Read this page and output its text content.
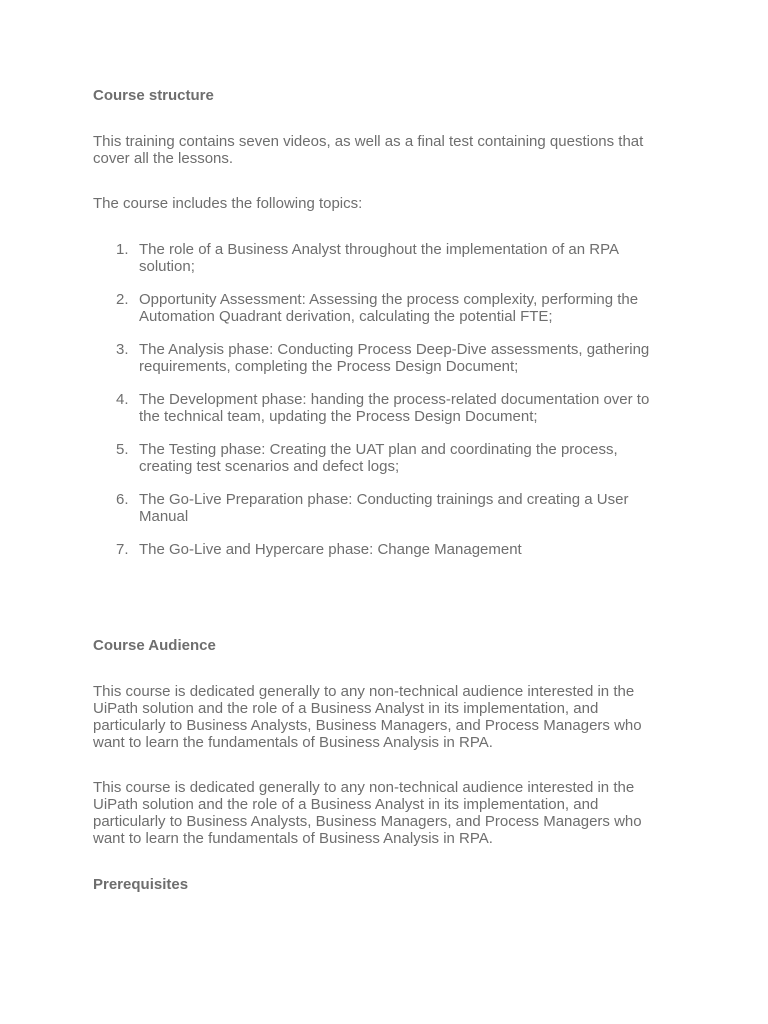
Course structure
This training contains seven videos, as well as a final test containing questions that cover all the lessons.
The course includes the following topics:
1. The role of a Business Analyst throughout the implementation of an RPA solution;
2. Opportunity Assessment: Assessing the process complexity, performing the Automation Quadrant derivation, calculating the potential FTE;
3. The Analysis phase: Conducting Process Deep-Dive assessments, gathering requirements, completing the Process Design Document;
4. The Development phase: handing the process-related documentation over to the technical team, updating the Process Design Document;
5. The Testing phase: Creating the UAT plan and coordinating the process, creating test scenarios and defect logs;
6. The Go-Live Preparation phase: Conducting trainings and creating a User Manual
7. The Go-Live and Hypercare phase: Change Management
Course Audience
This course is dedicated generally to any non-technical audience interested in the UiPath solution and the role of a Business Analyst in its implementation, and particularly to Business Analysts, Business Managers, and Process Managers who want to learn the fundamentals of Business Analysis in RPA.
This course is dedicated generally to any non-technical audience interested in the UiPath solution and the role of a Business Analyst in its implementation, and particularly to Business Analysts, Business Managers, and Process Managers who want to learn the fundamentals of Business Analysis in RPA.
Prerequisites
